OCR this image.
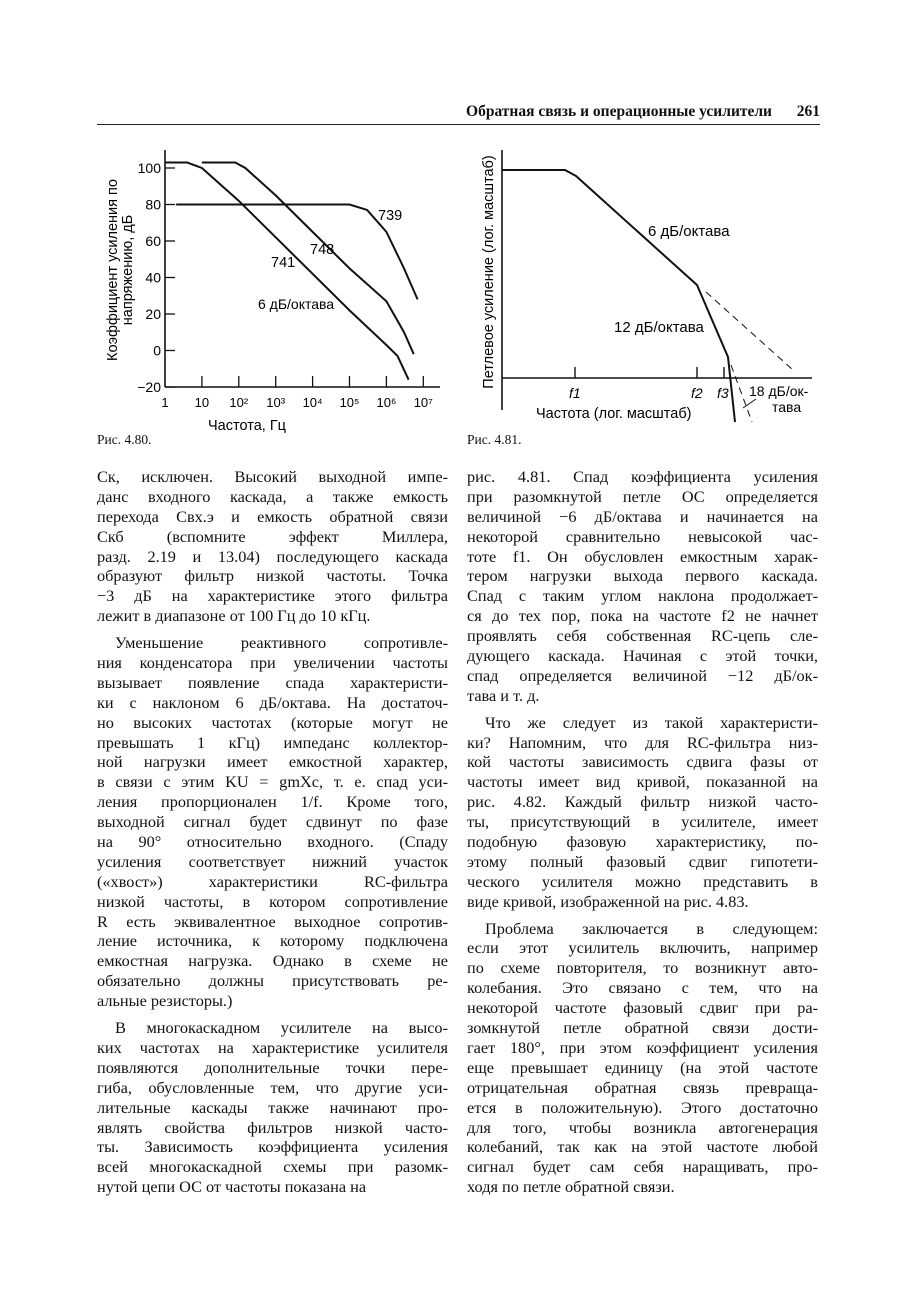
Обратная связь и операционные усилители 261
100
80
60
40
20
0
−20
1 10 10² 10³ 10⁴ 10⁵ 10⁶ 10⁷
739
748
741
6 дБ/октава
Частота, Гц
Коэффициент усиления по напряжению, дБ
f1	f2 f3
6 дБ/октава
12 дБ/октава
18 дБ/ок-
тава
Частота (лог. масштаб)
Петлевое усиление (лог. масштаб)
Рис. 4.80.	Рис. 4.81.
Cк, исключен. Высокий выходной импе-
данс входного каскада, а также емкость
перехода Cвх.э и емкость обратной связи
Cкб (вспомните эффект Миллера,
разд. 2.19 и 13.04) последующего каскада
образуют фильтр низкой частоты. Точка
−3 дБ на характеристике этого фильтра
лежит в диапазоне от 100 Гц до 10 кГц.
Уменьшение реактивного сопротивле-
ния конденсатора при увеличении частоты
вызывает появление спада характеристи-
ки с наклоном 6 дБ/октава. На достаточ-
но высоких частотах (которые могут не
превышать 1 кГц) импеданс коллектор-
ной нагрузки имеет емкостной характер,
в связи с этим KU = gmXc, т. е. спад уси-
ления пропорционален 1/f. Кроме того,
выходной сигнал будет сдвинут по фазе
на 90° относительно входного. (Спаду
усиления соответствует нижний участок
(«хвост») характеристики RC-фильтра
низкой частоты, в котором сопротивление
R есть эквивалентное выходное сопротив-
ление источника, к которому подключена
емкостная нагрузка. Однако в схеме не
обязательно должны присутствовать ре-
альные резисторы.)
В многокаскадном усилителе на высо-
ких частотах на характеристике усилителя
появляются дополнительные точки пере-
гиба, обусловленные тем, что другие уси-
лительные каскады также начинают про-
являть свойства фильтров низкой часто-
ты. Зависимость коэффициента усиления
всей многокаскадной схемы при разомк-
нутой цепи ОС от частоты показана на
рис. 4.81. Спад коэффициента усиления
при разомкнутой петле ОС определяется
величиной −6 дБ/октава и начинается на
некоторой сравнительно невысокой час-
тоте f1. Он обусловлен емкостным харак-
тером нагрузки выхода первого каскада.
Спад с таким углом наклона продолжает-
ся до тех пор, пока на частоте f2 не начнет
проявлять себя собственная RC-цепь сле-
дующего каскада. Начиная с этой точки,
спад определяется величиной −12 дБ/ок-
тава и т. д.
Что же следует из такой характеристи-
ки? Напомним, что для RC-фильтра низ-
кой частоты зависимость сдвига фазы от
частоты имеет вид кривой, показанной на
рис. 4.82. Каждый фильтр низкой часто-
ты, присутствующий в усилителе, имеет
подобную фазовую характеристику, по-
этому полный фазовый сдвиг гипотети-
ческого усилителя можно представить в
виде кривой, изображенной на рис. 4.83.
Проблема заключается в следующем:
если этот усилитель включить, например
по схеме повторителя, то возникнут авто-
колебания. Это связано с тем, что на
некоторой частоте фазовый сдвиг при ра-
зомкнутой петле обратной связи дости-
гает 180°, при этом коэффициент усиления
еще превышает единицу (на этой частоте
отрицательная обратная связь превраща-
ется в положительную). Этого достаточно
для того, чтобы возникла автогенерация
колебаний, так как на этой частоте любой
сигнал будет сам себя наращивать, про-
ходя по петле обратной связи.
